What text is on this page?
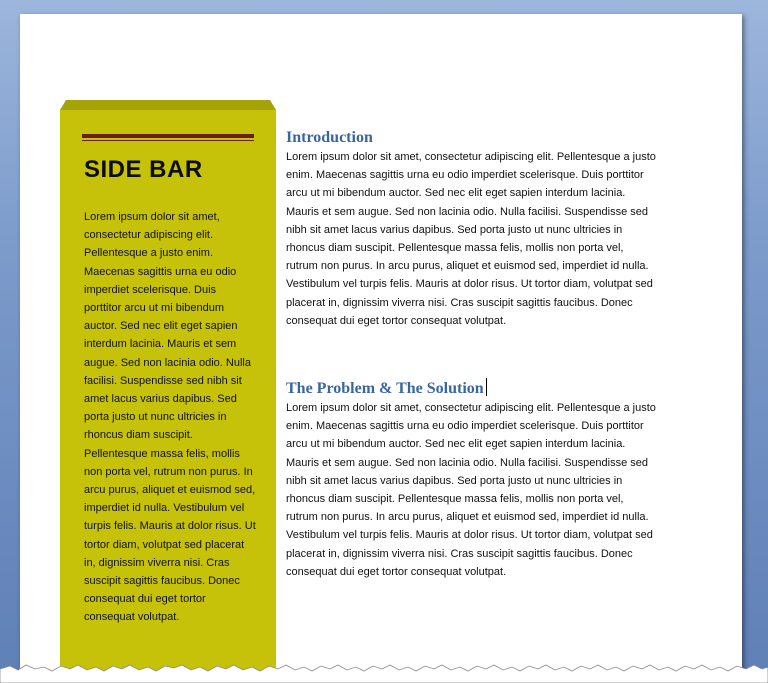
SIDE BAR

Lorem ipsum dolor sit amet, consectetur adipiscing elit. Pellentesque a justo enim. Maecenas sagittis urna eu odio imperdiet scelerisque. Duis porttitor arcu ut mi bibendum auctor. Sed nec elit eget sapien interdum lacinia. Mauris et sem augue. Sed non lacinia odio. Nulla facilisi. Suspendisse sed nibh sit amet lacus varius dapibus. Sed porta justo ut nunc ultricies in rhoncus diam suscipit. Pellentesque massa felis, mollis non porta vel, rutrum non purus. In arcu purus, aliquet et euismod sed, imperdiet id nulla. Vestibulum vel turpis felis. Mauris at dolor risus. Ut tortor diam, volutpat sed placerat in, dignissim viverra nisi. Cras suscipit sagittis faucibus. Donec consequat dui eget tortor consequat volutpat.

Introduction

Lorem ipsum dolor sit amet, consectetur adipiscing elit. Pellentesque a justo enim. Maecenas sagittis urna eu odio imperdiet scelerisque. Duis porttitor arcu ut mi bibendum auctor. Sed nec elit eget sapien interdum lacinia. Mauris et sem augue. Sed non lacinia odio. Nulla facilisi. Suspendisse sed nibh sit amet lacus varius dapibus. Sed porta justo ut nunc ultricies in rhoncus diam suscipit. Pellentesque massa felis, mollis non porta vel, rutrum non purus. In arcu purus, aliquet et euismod sed, imperdiet id nulla. Vestibulum vel turpis felis. Mauris at dolor risus. Ut tortor diam, volutpat sed placerat in, dignissim viverra nisi. Cras suscipit sagittis faucibus. Donec consequat dui eget tortor consequat volutpat.

The Problem & The Solution

Lorem ipsum dolor sit amet, consectetur adipiscing elit. Pellentesque a justo enim. Maecenas sagittis urna eu odio imperdiet scelerisque. Duis porttitor arcu ut mi bibendum auctor. Sed nec elit eget sapien interdum lacinia. Mauris et sem augue. Sed non lacinia odio. Nulla facilisi. Suspendisse sed nibh sit amet lacus varius dapibus. Sed porta justo ut nunc ultricies in rhoncus diam suscipit. Pellentesque massa felis, mollis non porta vel, rutrum non purus. In arcu purus, aliquet et euismod sed, imperdiet id nulla. Vestibulum vel turpis felis. Mauris at dolor risus. Ut tortor diam, volutpat sed placerat in, dignissim viverra nisi. Cras suscipit sagittis faucibus. Donec consequat dui eget tortor consequat volutpat.
